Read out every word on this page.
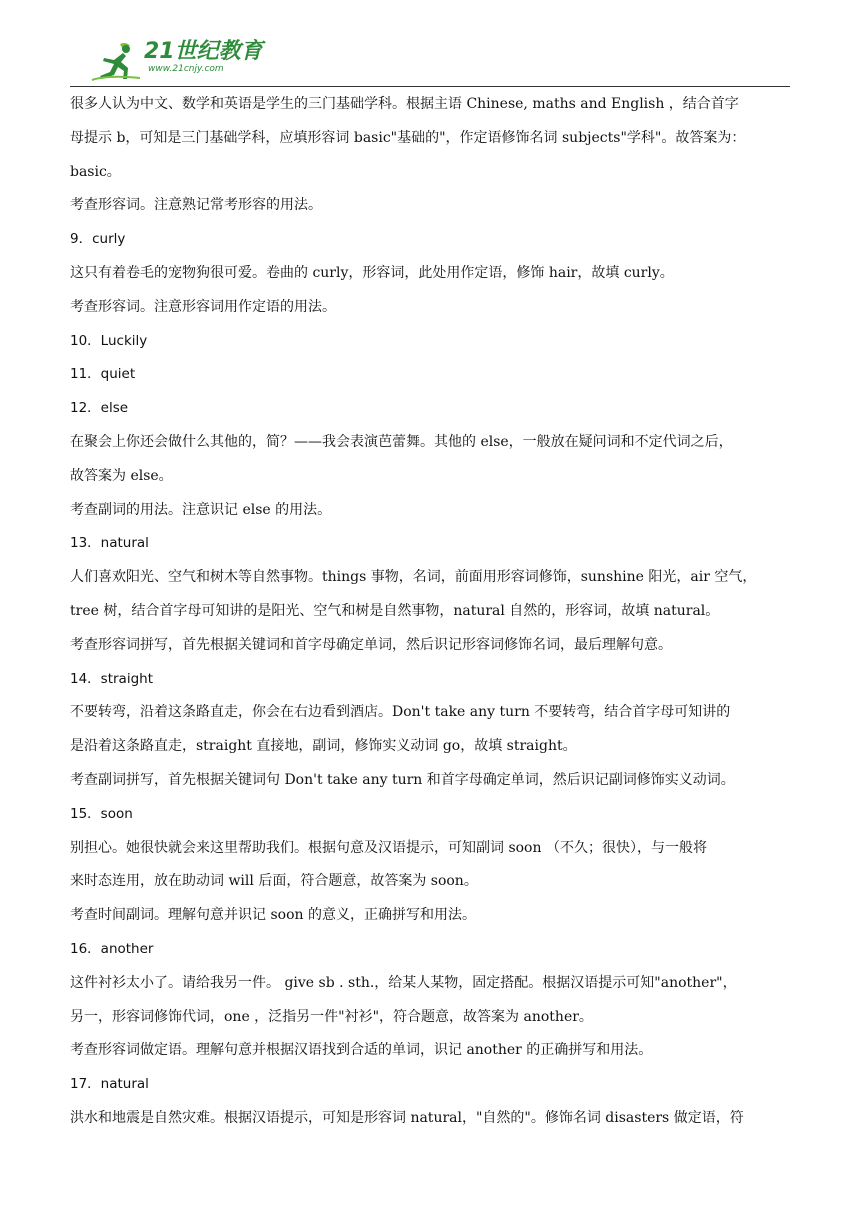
21世纪教育
www.21cnjy.com
很多人认为中文、数学和英语是学生的三门基础学科。根据主语 Chinese, maths and English ，结合首字
母提示 b，可知是三门基础学科，应填形容词 basic"基础的"，作定语修饰名词 subjects"学科"。故答案为：
basic。
考查形容词。注意熟记常考形容的用法。
9．curly
这只有着卷毛的宠物狗很可爱。卷曲的 curly，形容词，此处用作定语，修饰 hair，故填 curly。
考查形容词。注意形容词用作定语的用法。
10．Luckily
11．quiet
12．else
在聚会上你还会做什么其他的，简？——我会表演芭蕾舞。其他的 else，一般放在疑问词和不定代词之后，
故答案为 else。
考查副词的用法。注意识记 else 的用法。
13．natural
人们喜欢阳光、空气和树木等自然事物。things 事物，名词，前面用形容词修饰，sunshine 阳光，air 空气，
tree 树，结合首字母可知讲的是阳光、空气和树是自然事物，natural 自然的，形容词，故填 natural。
考查形容词拼写，首先根据关键词和首字母确定单词，然后识记形容词修饰名词，最后理解句意。
14．straight
不要转弯，沿着这条路直走，你会在右边看到酒店。Don't take any turn 不要转弯，结合首字母可知讲的
是沿着这条路直走，straight 直接地，副词，修饰实义动词 go，故填 straight。
考查副词拼写，首先根据关键词句 Don't take any turn 和首字母确定单词，然后识记副词修饰实义动词。
15．soon
别担心。她很快就会来这里帮助我们。根据句意及汉语提示，可知副词 soon （不久；很快），与一般将
来时态连用，放在助动词 will 后面，符合题意，故答案为 soon。
考查时间副词。理解句意并识记 soon 的意义，正确拼写和用法。
16．another
这件衬衫太小了。请给我另一件。 give sb . sth.，给某人某物，固定搭配。根据汉语提示可知"another"，
另一，形容词修饰代词，one ，泛指另一件"衬衫"，符合题意，故答案为 another。
考查形容词做定语。理解句意并根据汉语找到合适的单词，识记 another 的正确拼写和用法。
17．natural
洪水和地震是自然灾难。根据汉语提示，可知是形容词 natural，"自然的"。修饰名词 disasters 做定语，符
